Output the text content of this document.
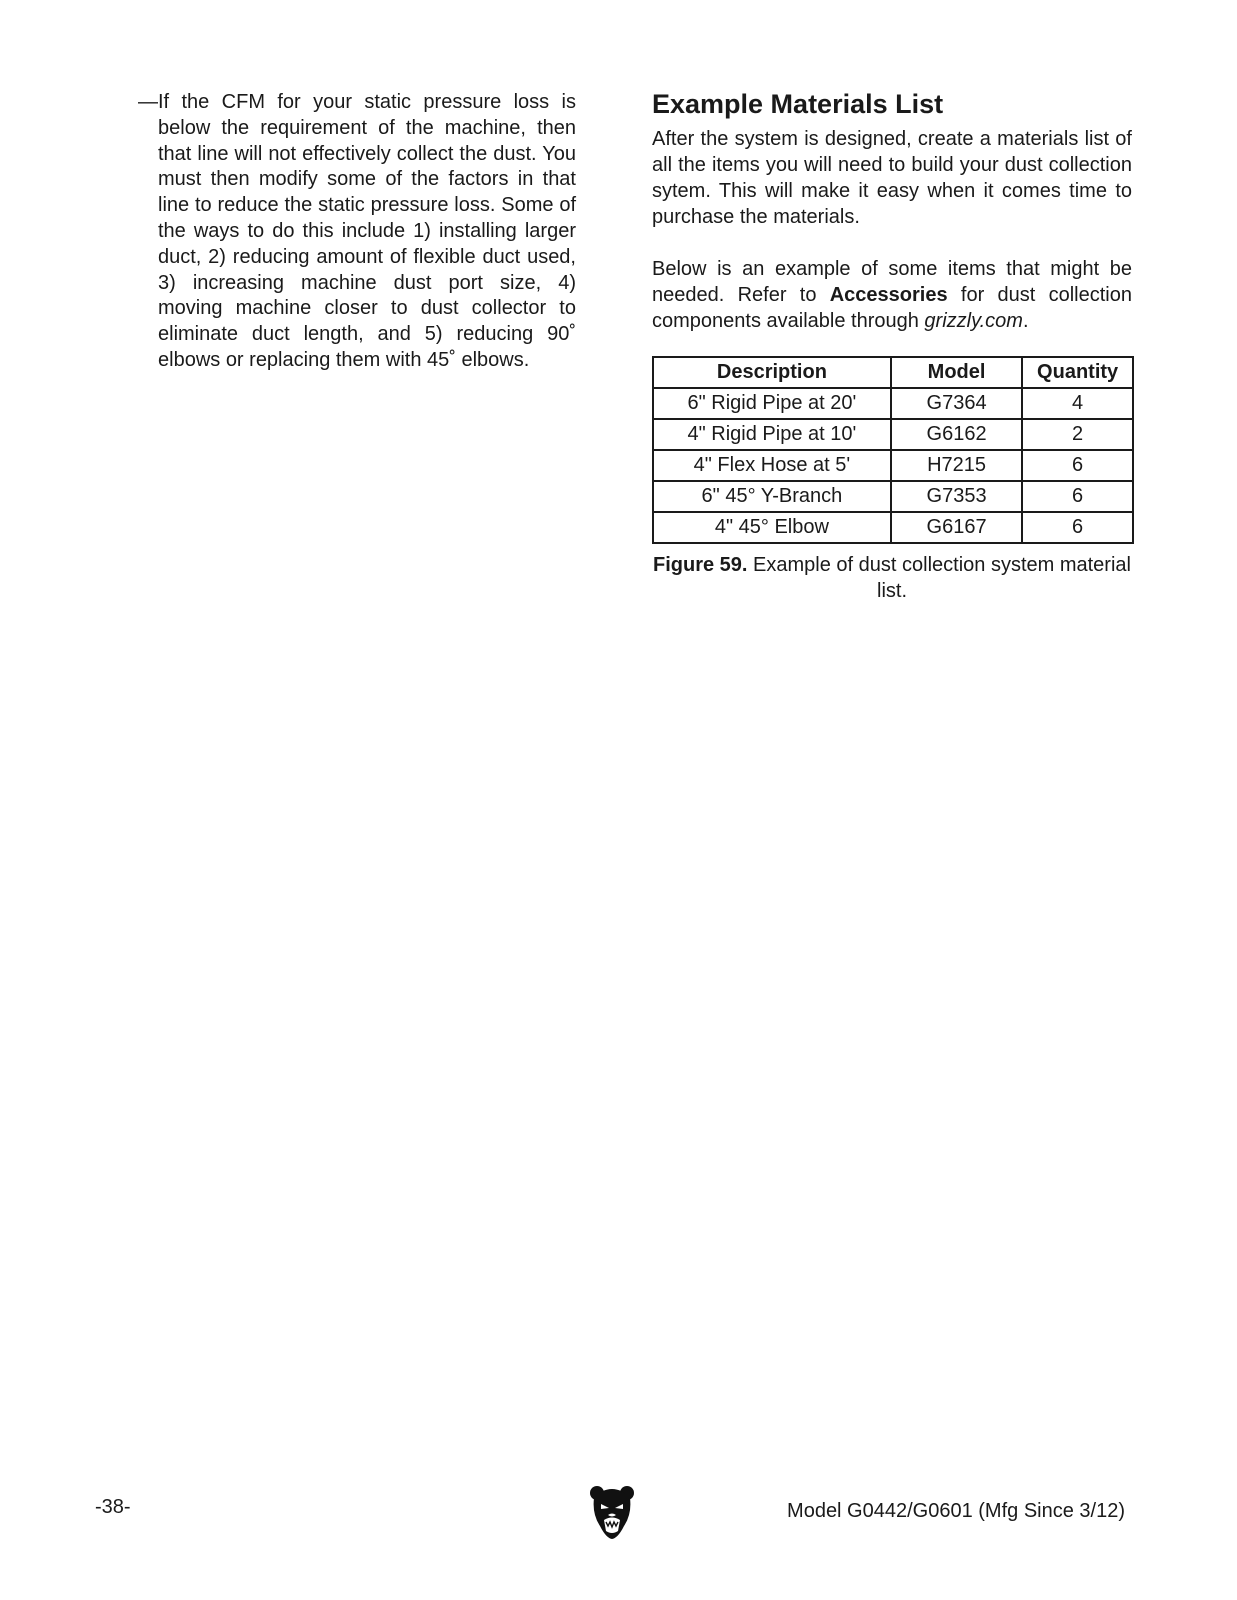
— If the CFM for your static pressure loss is below the requirement of the machine, then that line will not effectively collect the dust. You must then modify some of the factors in that line to reduce the static pressure loss. Some of the ways to do this include 1) installing larger duct, 2) reducing amount of flexible duct used, 3) increasing machine dust port size, 4) moving machine closer to dust collector to eliminate duct length, and 5) reducing 90˚ elbows or replacing them with 45˚ elbows.

Example Materials List

After the system is designed, create a materials list of all the items you will need to build your dust collection sytem. This will make it easy when it comes time to purchase the materials.

Below is an example of some items that might be needed. Refer to Accessories for dust collection components available through grizzly.com.

Description	Model	Quantity
6" Rigid Pipe at 20'	G7364	4
4" Rigid Pipe at 10'	G6162	2
4" Flex Hose at 5'	H7215	6
6" 45° Y-Branch	G7353	6
4" 45° Elbow	G6167	6
Figure 59. Example of dust collection system material list.
-38-	Model G0442/G0601 (Mfg Since 3/12)
